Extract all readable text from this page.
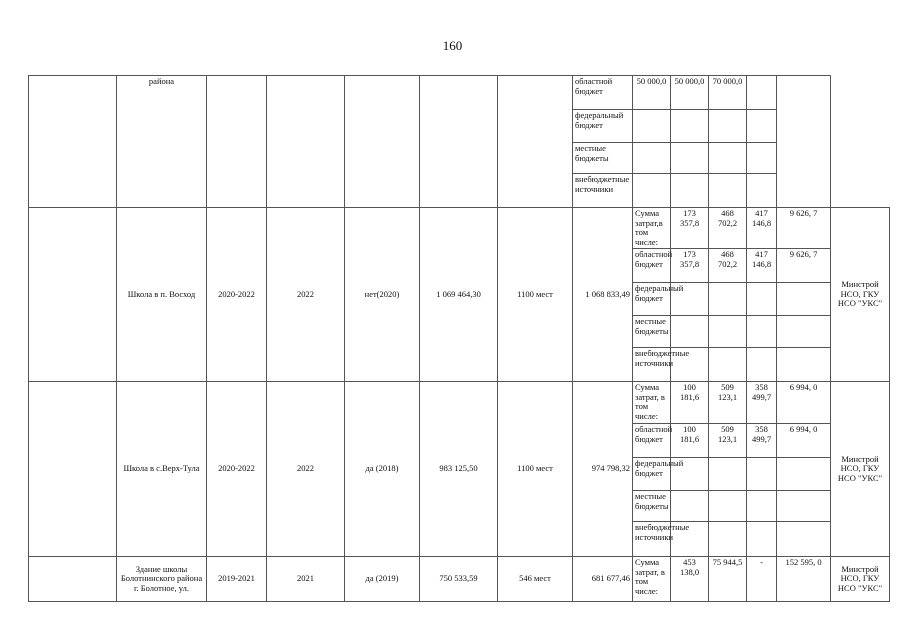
160
	района						областной бюджет	50 000,0	50 000,0	70 000,0			
							федеральный бюджет						
							местные бюджеты						
							внебюджетные источники						
	Школа в п. Восход	2020-2022	2022	нет(2020)	1 069 464,30	1100 мест	1 068 833,49	Сумма затрат,в том числе:	173 357,8	468 702,2	417 146,8	9 626, 7	Минстрой НСО, ГКУ НСО "УКС"
								областной бюджет	173 357,8	468 702,2	417 146,8	9 626, 7	
								федеральный бюджет					
								местные бюджеты					
								внебюджетные источники					
	Школа в с.Верх-Тула	2020-2022	2022	да (2018)	983 125,50	1100 мест	974 798,32	Сумма затрат, в том числе:	100 181,6	509 123,1	358 499,7	6 994, 0	Минстрой НСО, ГКУ НСО "УКС"
								областной бюджет	100 181,6	509 123,1	358 499,7	6 994, 0	
								федеральный бюджет					
								местные бюджеты					
								внебюджетные источники					
	Здание школы Болотнинского района г. Болотное, ул.	2019-2021	2021	да (2019)	750 533,59	546 мест	681 677,46	Сумма затрат, в том числе:	453 138,0	75 944,5	-	152 595, 0	Минстрой НСО, ГКУ НСО "УКС"
